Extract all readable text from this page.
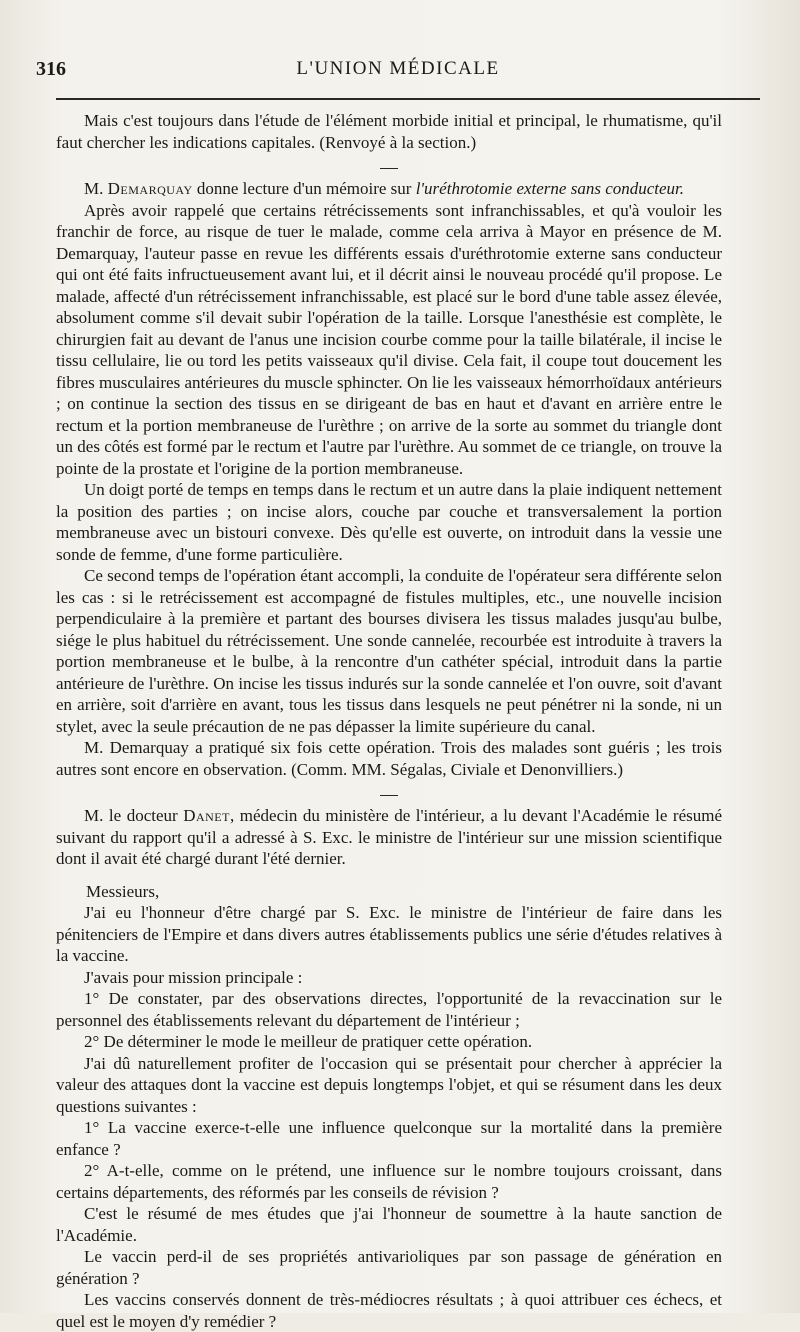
316	L'UNION MÉDICALE

Mais c'est toujours dans l'étude de l'élément morbide initial et principal, le rhumatisme, qu'il faut chercher les indications capitales. (Renvoyé à la section.)

M. Demarquay donne lecture d'un mémoire sur l'uréthrotomie externe sans conducteur.

Après avoir rappelé que certains rétrécissements sont infranchissables, et qu'à vouloir les franchir de force, au risque de tuer le malade, comme cela arriva à Mayor en présence de M. Demarquay, l'auteur passe en revue les différents essais d'uréthrotomie externe sans conducteur qui ont été faits infructueusement avant lui, et il décrit ainsi le nouveau procédé qu'il propose. Le malade, affecté d'un rétrécissement infranchissable, est placé sur le bord d'une table assez élevée, absolument comme s'il devait subir l'opération de la taille. Lorsque l'anesthésie est complète, le chirurgien fait au devant de l'anus une incision courbe comme pour la taille bilatérale, il incise le tissu cellulaire, lie ou tord les petits vaisseaux qu'il divise. Cela fait, il coupe tout doucement les fibres musculaires antérieures du muscle sphincter. On lie les vaisseaux hémorrhoïdaux antérieurs ; on continue la section des tissus en se dirigeant de bas en haut et d'avant en arrière entre le rectum et la portion membraneuse de l'urèthre ; on arrive de la sorte au sommet du triangle dont un des côtés est formé par le rectum et l'autre par l'urèthre. Au sommet de ce triangle, on trouve la pointe de la prostate et l'origine de la portion membraneuse.

Un doigt porté de temps en temps dans le rectum et un autre dans la plaie indiquent nettement la position des parties ; on incise alors, couche par couche et transversalement la portion membraneuse avec un bistouri convexe. Dès qu'elle est ouverte, on introduit dans la vessie une sonde de femme, d'une forme particulière.

Ce second temps de l'opération étant accompli, la conduite de l'opérateur sera différente selon les cas : si le retrécissement est accompagné de fistules multiples, etc., une nouvelle incision perpendiculaire à la première et partant des bourses divisera les tissus malades jusqu'au bulbe, siége le plus habituel du rétrécissement. Une sonde cannelée, recourbée est introduite à travers la portion membraneuse et le bulbe, à la rencontre d'un cathéter spécial, introduit dans la partie antérieure de l'urèthre. On incise les tissus indurés sur la sonde cannelée et l'on ouvre, soit d'avant en arrière, soit d'arrière en avant, tous les tissus dans lesquels ne peut pénétrer ni la sonde, ni un stylet, avec la seule précaution de ne pas dépasser la limite supérieure du canal.

M. Demarquay a pratiqué six fois cette opération. Trois des malades sont guéris ; les trois autres sont encore en observation. (Comm. MM. Ségalas, Civiale et Denonvilliers.)

M. le docteur Danet, médecin du ministère de l'intérieur, a lu devant l'Académie le résumé suivant du rapport qu'il a adressé à S. Exc. le ministre de l'intérieur sur une mission scientifique dont il avait été chargé durant l'été dernier.

Messieurs,

J'ai eu l'honneur d'être chargé par S. Exc. le ministre de l'intérieur de faire dans les pénitenciers de l'Empire et dans divers autres établissements publics une série d'études relatives à la vaccine.

J'avais pour mission principale :

1° De constater, par des observations directes, l'opportunité de la revaccination sur le personnel des établissements relevant du département de l'intérieur ;

2° De déterminer le mode le meilleur de pratiquer cette opération.

J'ai dû naturellement profiter de l'occasion qui se présentait pour chercher à apprécier la valeur des attaques dont la vaccine est depuis longtemps l'objet, et qui se résument dans les deux questions suivantes :

1° La vaccine exerce-t-elle une influence quelconque sur la mortalité dans la première enfance ?

2° A-t-elle, comme on le prétend, une influence sur le nombre toujours croissant, dans certains départements, des réformés par les conseils de révision ?

C'est le résumé de mes études que j'ai l'honneur de soumettre à la haute sanction de l'Académie.

Le vaccin perd-il de ses propriétés antivarioliques par son passage de génération en génération ?

Les vaccins conservés donnent de très-médiocres résultats ; à quoi attribuer ces échecs, et quel est le moyen d'y remédier ?
